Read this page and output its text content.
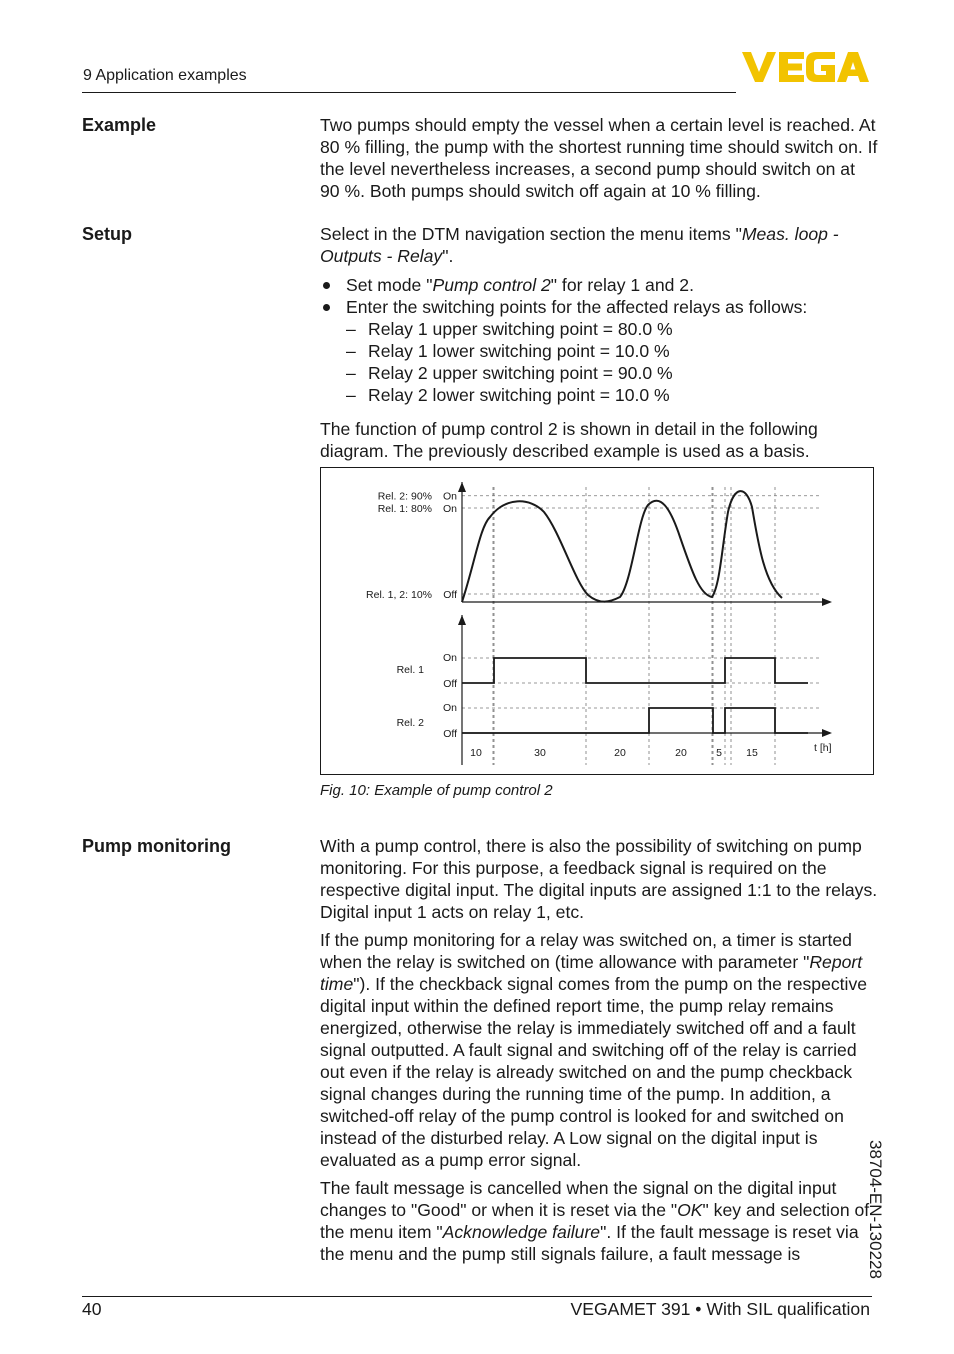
9 Application examples
Example	Two pumps should empty the vessel when a certain level is reached. At 80 % filling, the pump with the shortest running time should switch on. If the level nevertheless increases, a second pump should switch on at 90 %. Both pumps should switch off again at 10 % filling.

Setup	Select in the DTM navigation section the menu items "Meas. loop - Outputs - Relay".

Set mode "Pump control 2" for relay 1 and 2.
Enter the switching points for the affected relays as follows:
– Relay 1 upper switching point = 80.0 %
– Relay 1 lower switching point = 10.0 %
– Relay 2 upper switching point = 90.0 %
– Relay 2 lower switching point = 10.0 %

The function of pump control 2 is shown in detail in the following diagram. The previously described example is used as a basis.

Rel. 2: 90% On
Rel. 1: 80% On
Rel. 1, 2: 10% Off
Rel. 1
On
Off
Rel. 2
On
Off
10	30	20	20	5 15	t [h]
Fig. 10: Example of pump control 2
Pump monitoring	With a pump control, there is also the possibility of switching on pump monitoring. For this purpose, a feedback signal is required on the respective digital input. The digital inputs are assigned 1:1 to the relays. Digital input 1 acts on relay 1, etc.

If the pump monitoring for a relay was switched on, a timer is started when the relay is switched on (time allowance with parameter "Report time"). If the checkback signal comes from the pump on the respective digital input within the defined report time, the pump relay remains energized, otherwise the relay is immediately switched off and a fault signal outputted. A fault signal and switching off of the relay is carried out even if the relay is already switched on and the pump checkback signal changes during the running time of the pump. In addition, a switched-off relay of the pump control is looked for and switched on instead of the disturbed relay. A Low signal on the digital input is evaluated as a pump error signal.

The fault message is cancelled when the signal on the digital input changes to "Good" or when it is reset via the "OK" key and selection of the menu item "Acknowledge failure". If the fault message is reset via the menu and the pump still signals failure, a fault message is	38704-EN-130228
40	VEGAMET 391 • With SIL qualification
